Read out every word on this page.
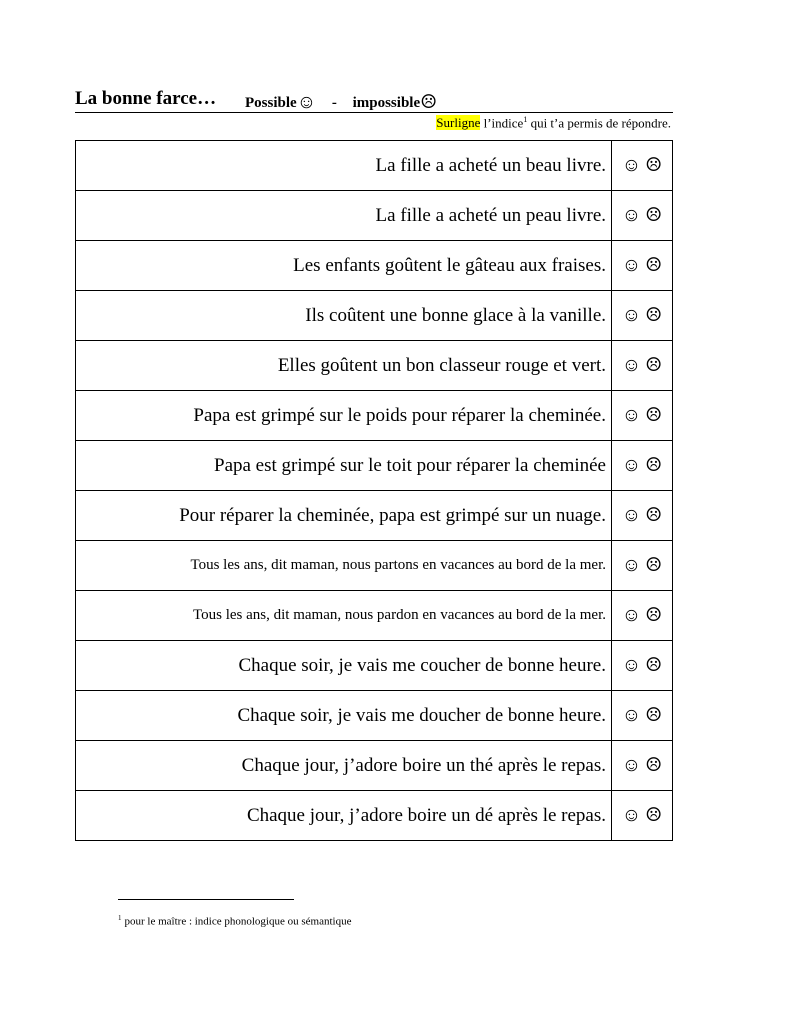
La bonne farce… Possible☺ - impossible☹
Surligne l’indice$^1$ qui t’a permis de répondre.
La fille a acheté un beau livre.	☺ ☹
La fille a acheté un peau livre.	☺ ☹
Les enfants goûtent le gâteau aux fraises.	☺ ☹
Ils coûtent une bonne glace à la vanille.	☺ ☹
Elles goûtent un bon classeur rouge et vert.	☺ ☹
Papa est grimpé sur le poids pour réparer la cheminée.	☺ ☹
Papa est grimpé sur le toit pour réparer la cheminée	☺ ☹
Pour réparer la cheminée, papa est grimpé sur un nuage.	☺ ☹
Tous les ans, dit maman, nous partons en vacances au bord de la mer.	☺ ☹
Tous les ans, dit maman, nous pardon en vacances au bord de la mer.	☺ ☹
Chaque soir, je vais me coucher de bonne heure.	☺ ☹
Chaque soir, je vais me doucher de bonne heure.	☺ ☹
Chaque jour, j’adore boire un thé après le repas.	☺ ☹
Chaque jour, j’adore boire un dé après le repas.	☺ ☹
$^1$ pour le maître : indice phonologique ou sémantique
